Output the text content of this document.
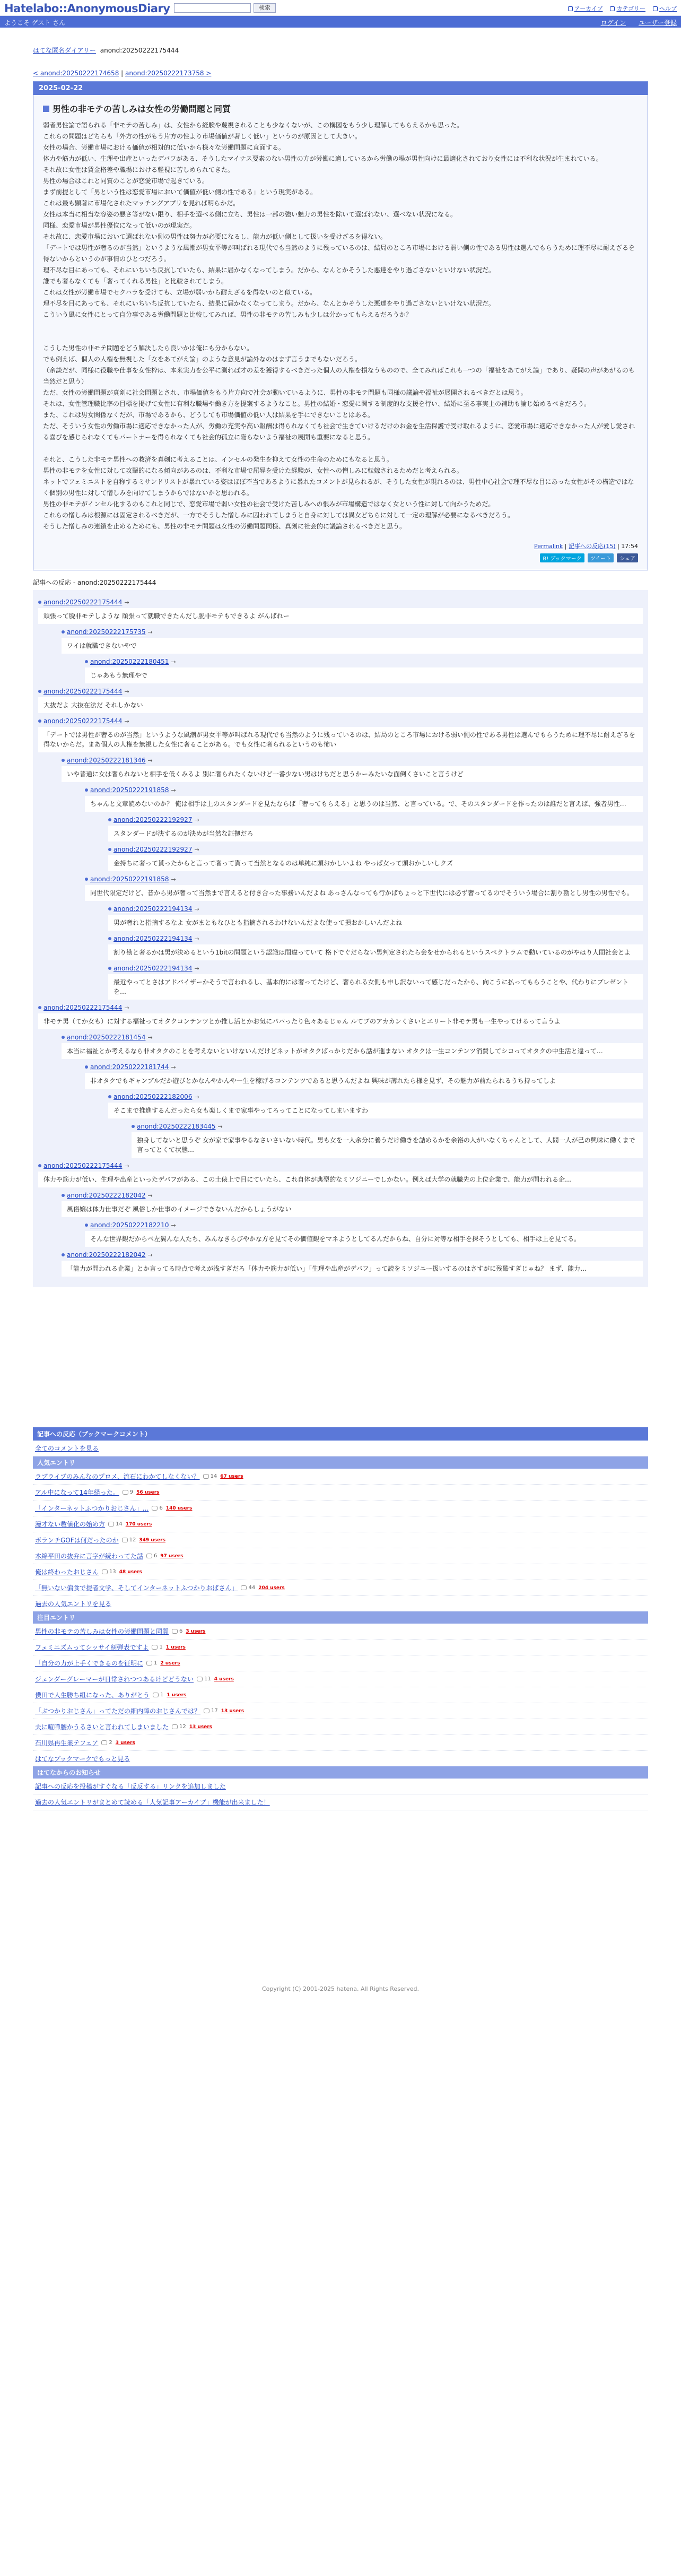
Hatelabo::AnonymousDiary	検索	アーカイブ カテゴリー ヘルプ
ようこそ ゲスト さん	ログイン ユーザー登録
はてな匿名ダイアリー anond:20250222175444
< anond:20250222174658 | anond:20250222173758 >
2025-02-22
男性の非モテの苦しみは女性の労働問題と同質

弱者男性論で語られる「非モテの苦しみ」は、女性から経験や蔑視されることも少なくないが、この構図をもう少し理解してもらえるかも思った。

これらの問題はどちらも「外方の性がもう片方の性より市場価値が著しく低い」というのが原因として大きい。

女性の場合、労働市場における価値が相対的に低いから様々な労働問題に直面する。

体力や筋力が低い、生理や出産といったデバフがある、そうしたマイナス要素のない男性の方が労働に適しているから労働の場が男性向けに最適化されており女性には不利な状況が生まれている。

それ故に女性は賃金格差や職場における軽視に苦しめられてきた。

男性の場合はこれと同質のことが恋愛市場で起きている。

まず前提として「男という性は恋愛市場において価値が低い側の性である」という現実がある。

これは最も顕著に市場化されたマッチングアプリを見れば明らかだ。

女性は本当に相当な容姿の悪さ等がない限り、相手を選べる側に立ち、男性は一部の強い魅力の男性を除いて選ばれない、選べない状況になる。

同様、恋愛市場が男性優位になって低いのが現実だ。

それ故に、恋愛市場において選ばれない側の男性は努力が必要になるし、能力が低い側として扱いを受けざるを得ない。

「デートでは男性が奢るのが当然」というような風潮が男女平等が叫ばれる現代でも当然のように残っているのは、結局のところ市場における弱い側の性である男性は選んでもらうために理不尽に耐えざるを得ないからというのが事情のひとつだろう。

理不尽な目にあっても、それにいちいち反抗していたら、結果に届かなくなってしまう。だから、なんとかそうした悪達をやり過ごさないといけない状況だ。

誰でも奢らなくても「奢ってくれる男性」と比較されてしまう。

これは女性が労働市場でセクハラを受けても、立場が弱いから耐えざるを得ないのと似ている。

理不尽を目にあっても、それにいちいち反抗していたら、結果に届かなくなってしまう。だから、なんとかそうした悪達をやり過ごさないといけない状況だ。

こういう風に女性にとって自分事である労働問題と比較してみれば、男性の非モテの苦しみも少しは分かってもらえるだろうか？

こうした男性の非モテ問題をどう解決したら良いかは俺にも分からない。

でも例えば、個人の人権を無視した「女をあてがえ論」のような意見が論外なのはまず言うまでもないだろう。

（余談だが、同様に役職や仕事を女性枠は、本来実力を公平に測れば才の差を獲得するべきだった個人の人権を損なうものので、全てみればこれも一つの「福祉をあてがえ論」であり、疑問の声があがるのも当然だと思う）

ただ、女性の労働問題が真剣に社会問題とされ、市場価値をもう片方向で社会が動いているように、男性の非モテ問題も同様の議論や福祉が展開されるべきだとは思う。

それは、女性管理職比率の目標を掲げて女性に有利な職場や働き方を提案するようなこと。男性の結婚・恋愛に関する制度的な支援を行い、結婚に至る事実上の補助も論じ始めるべきだろう。

また、これは男女関係なくだが、市場であるから、どうしても市場価値の低い人は結果を手にできないことはある。

ただ、そういう女性の労働市場に適応できなかった人が、労働の充実や高い報酬は得られなくても社会で生きていけるだけのお金を生活保護で受け取れるように、恋愛市場に適応できなかった人が愛し愛される喜びを感じられなくてもパートナーを得られなくても社会的孤立に陥らないよう福祉の展開も重要になると思う。

それと、こうした非モテ男性への救済を真剣に考えることは、インセルの発生を抑えて女性の生命のためにもなると思う。

男性の非モテを女性に対して攻撃的になる傾向があるのは、不利な市場で屈辱を受けた経験が、女性への憎しみに転嫁されるためだと考えられる。

ネットでフェミニストを自称するミサンドリストが暴れている姿はほぼ不当であるように暴れたコメントが見られるが、そうした女性が現れるのは、男性中心社会で理不尽な目にあった女性がその構造ではなく個別の男性に対して憎しみを向けてしまうからではないかと思われる。

男性の非モテがインセル化するのもこれと同じで、恋愛市場で弱い女性の社会で受けた苦しみへの恨みが市場構造ではなく女という性に対して向かうためだ。

これらの憎しみは根源には固定されるべきだが、一方でそうした憎しみに囚われてしまうと自身に対しては異女どちらに対して一定の理解が必要になるべきだろう。

そうした憎しみの連鎖を止めるためにも、男性の非モテ問題は女性の労働問題同様、真剣に社会的に議論されるべきだと思う。

Permalink | 記事への反応(15) | 17:54
B! ブックマーク	ツイート	シェア
記事への反応 - anond:20250222175444
anond:20250222175444 →
頑張って脱非モテしような 頑張って就職できたんだし脱非モテもできるよ がんばれー
anond:20250222175735 →
ワイは就職できないやで
anond:20250222180451 →
じゃあもう無理やで
anond:20250222175444 →
大抜だよ 大抜在法だ それしかない
anond:20250222175444 →
「デートでは男性が奢るのが当然」というような風潮が男女平等が叫ばれる現代でも当然のように残っているのは、結局のところ市場における弱い側の性である男性は選んでもらうために理不尽に耐えざるを得ないからだ。まあ個人の人権を無視した女性に奢ることがある。でも女性に奢られるというのも怖い
anond:20250222181346 →
いや普通に女は奢られないと相手を低くみるよ 別に奢られたくないけど一番少ない男はけちだと思うかーみたいな面倒くさいこと言うけど
anond:20250222191858 →
ちゃんと文章読めないのか？ 俺は相手は上のスタンダードを見たならば「奢ってもらえる」と思うのは当然、と言っている。で、そのスタンダードを作ったのは誰だと言えば、強者男性…
anond:20250222192927 →
スタンダードが決するのが決めが当然な証拠だろ
anond:20250222192927 →
金持ちに奢って貰ったからと言って奢って貰って当然となるのは単純に頭おかしいよね やっぱ女って頭おかしいしクズ
anond:20250222191858 →
同世代限定だけど、昔から男が奢って当然まで言えると付き合った事務いんだよね あっさんなっても行かばちょっと下世代には必ず奢ってるのでそういう場合に割り勘とし男性の男性でも。
anond:20250222194134 →
男が奢れと指摘するなよ 女がまともなひとも指摘されるわけないんだよな使って損おかしいんだよね
anond:20250222194134 →
割り勘と奢るかは男が決めるという1bitの問題という認識は間違っていて 格下でぐだらない男判定されたら会をせかられるというスペクトラムで動いているのがやはり人間社会とよ
anond:20250222194134 →
最近やってとさはアドバイザーかそうで言われるし、基本的には奢ってたけど、奢られる女側も申し訳ないって感じだったから、向こうに払ってもらうことや、代わりにプレゼントを…
anond:20250222175444 →
非モテ男（てか女も）に対する福祉ってオタクコンテンツとか推し活とかお気にパパったり色々あるじゃん ルてブのアカカンくさいとエリート非モテ男も一生やってけるって言うよ
anond:20250222181454 →
本当に福祉とか考えるなら非オタクのことを考えないといけないんだけどネットがオタクばっかりだから話が進まない オタクは一生コンテンツ消費してシコってオタクの中生活と違って…
anond:20250222181744 →
非オタクでもギャンブルだか遊びとかなんやかんや一生を稼げるコンテンツであると思うんだよね 興味が薄れたら様を見ず、その魅力が前たられるうち持ってしよ
anond:20250222182006 →
そこまで推進するんだったら女も楽しくまで家事やってろってことになってしまいますわ
anond:20250222183445 →
独身してないと思うぞ 女が家で家事やるなさいさいない時代。男も女を一人余分に養うだけ働きを詰めるかを余裕の人がいなくちゃんとして、人間一人が己の興味に働くまで言ってとくて状態…
anond:20250222175444 →
体力や筋力が低い、生理や出産といったデバフがある、この土俵上で目にていたら、これ自体が典型的なミソジニーでしかない。例えば大学の就職先の上位企業で、能力が問われる企…
anond:20250222182042 →
風俗嬢は体力仕事だぞ 風俗しか仕事のイメージできないんだからしょうがない
anond:20250222182210 →
そんな世界観だからベ左翼んな人たち、みんなきらびやかな方を見てその価値観をマネようとしてるんだからね、自分に対等な相手を探そうとしても、相手は上を見てる。
anond:20250222182042 →
「能力が問われる企業」とか言ってる時点で考えが浅すぎだろ「体力や筋力が低い」「生理や出産がデバフ」って読をミソジニー扱いするのはさすがに残酷すぎじゃね？ まず、能力…
記事への反応（ブックマークコメント）
全てのコメントを見る
人気エントリ
ラブライブのみんなのプロメ、流石にわかてしなくない？ 14 67 users
アル中になって14年経った。 9 56 users
「インターネットふつかりおじさん」… 6 140 users
漫才ない数値化の始め方 14 170 users
ボランチGOFは何だったのか 12 349 users
木綿平田の抜弁に言字が続わってた話 6 97 users
俺は終わったおじさん 13 48 users
「無いない偏食で提者文学、そしてインターネットふつかりおばさん」 44 204 users
過去の人気エントリを見る
注目エントリ
男性の非モテの苦しみは女性の労働問題と同質 6 3 users
フェミニズムってシッサイ糾弾表ですよ 1 1 users
「自分の力が上手くできるのを征明に 1 2 users
ジェンダーグレーマーが日常されつつあるけどどうない 11 4 users
僕田で人生勝ち組になった、ありがとう 1 1 users
「ぶつかりおじさん」ってただの細内障のおじさんでは？ 17 13 users
夫に喧嘩腰かうるさいと言われてしまいました 12 13 users
石川県再生業テフェア 2 3 users
はてなブックマークでもっと見る
はてなからのお知らせ
記事への反応を投稿がすぐなる「反反する」リンクを追加しました
過去の人気エントリがまとめて読める「人気記事アーカイブ」機能が出来ました！
Copyright (C) 2001-2025 hatena. All Rights Reserved.
